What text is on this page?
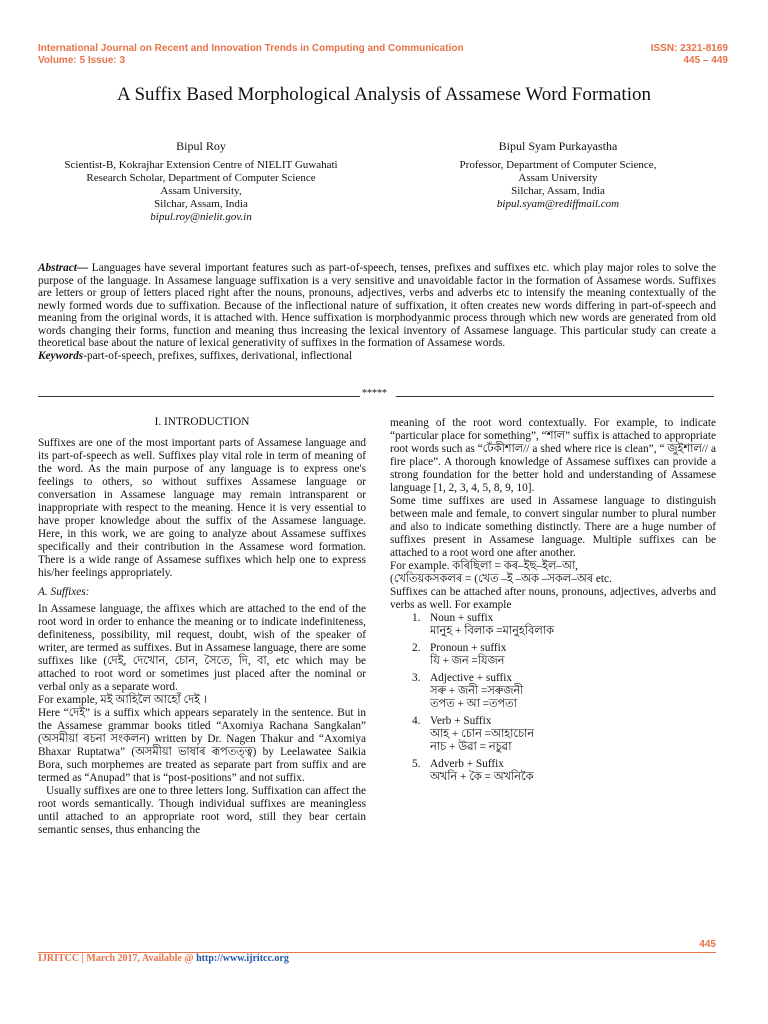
International Journal on Recent and Innovation Trends in Computing and Communication
Volume: 5 Issue: 3
ISSN: 2321-8169
445 – 449
A Suffix Based Morphological Analysis of Assamese Word Formation
Bipul Roy
Scientist-B, Kokrajhar Extension Centre of NIELIT Guwahati
Research Scholar, Department of Computer Science
Assam University,
Silchar, Assam, India
bipul.roy@nielit.gov.in
Bipul Syam Purkayastha
Professor, Department of Computer Science,
Assam University
Silchar, Assam, India
bipul.syam@rediffmail.com
Abstract— Languages have several important features such as part-of-speech, tenses, prefixes and suffixes etc. which play major roles to solve the purpose of the language. In Assamese language suffixation is a very sensitive and unavoidable factor in the formation of Assamese words. Suffixes are letters or group of letters placed right after the nouns, pronouns, adjectives, verbs and adverbs etc to intensify the meaning contextually of the newly formed words due to suffixation. Because of the inflectional nature of suffixation, it often creates new words differing in part-of-speech and meaning from the original words, it is attached with. Hence suffixation is morphodyanmic process through which new words are generated from old words changing their forms, function and meaning thus increasing the lexical inventory of Assamese language. This particular study can create a theoretical base about the nature of lexical generativity of suffixes in the formation of Assamese words.
Keywords-part-of-speech, prefixes, suffixes, derivational, inflectional
*****

I. INTRODUCTION

Suffixes are one of the most important parts of Assamese language and its part-of-speech as well. Suffixes play vital role in term of meaning of the word. As the main purpose of any language is to express one's feelings to others, so without suffixes Assamese language or conversation in Assamese language may remain intransparent or inappropriate with respect to the meaning. Hence it is very essential to have proper knowledge about the suffix of the Assamese language. Here, in this work, we are going to analyze about Assamese suffixes specifically and their contribution in the Assamese word formation. There is a wide range of Assamese suffixes which help one to express his/her feelings appropriately.

A. Suffixes:

In Assamese language, the affixes which are attached to the end of the root word in order to enhance the meaning or to indicate indefiniteness, definiteness, possibility, mil request, doubt, wish of the speaker of writer, are termed as suffixes. But in Assamese language, there are some suffixes like (দেই, দেখোন, চোন, সৈতে, দি, বা, etc which may be attached to root word or sometimes just placed after the nominal or verbal only as a separate word.

For example, মই আহিলৈ আহোঁ দেই ।

Here “দেই” is a suffix which appears separately in the sentence. But in the Assamese grammar books titled “Axomiya Rachana Sangkalan” (অসমীয়া ৰচনা সংকলন) written by Dr. Nagen Thakur and “Axomiya Bhaxar Ruptatwa” (অসমীয়া ভাষাৰ ৰূপতত্ত্ব) by Leelawatee Saikia Bora, such morphemes are treated as separate part from suffix and are termed as “Anupad” that is “post-positions” and not suffix.

Usually suffixes are one to three letters long. Suffixation can affect the root words semantically. Though individual suffixes are meaningless until attached to an appropriate root word, still they bear certain semantic senses, thus enhancing the

meaning of the root word contextually. For example, to indicate “particular place for something”, “শাল” suffix is attached to appropriate root words such as “ঢেঁকীশাল// a shed where rice is clean”, “ জুইশাল// a fire place”. A thorough knowledge of Assamese suffixes can provide a strong foundation for the better hold and understanding of Assamese language [1, 2, 3, 4, 5, 8, 9, 10].

Some time suffixes are used in Assamese language to distinguish between male and female, to convert singular number to plural number and also to indicate something distinctly. There are a huge number of suffixes present in Assamese language. Multiple suffixes can be attached to a root word one after another.

For example. কৰিছিলা = কৰ–ইছ–ইল–আ,

(খেতিয়কসকলৰ = (খেত –ই –অক –সকল–অৰ etc.

Suffixes can be attached after nouns, pronouns, adjectives, adverbs and verbs as well. For example

1. Noun + suffix
মানুহ + বিলাক =মানুহবিলাক
2. Pronoun + suffix
যি + জন =যিজন
3. Adjective + suffix
সৰু + জনী =সৰুজনী
তপত + আ =তপতা
4. Verb + Suffix
আহ + চোন =আহাচোন
নাচ + উৱা = নচুৱা
5. Adverb + Suffix
অখনি + কৈ = অখনিকৈ
445
IJRITCC | March 2017, Available @ http://www.ijritcc.org
